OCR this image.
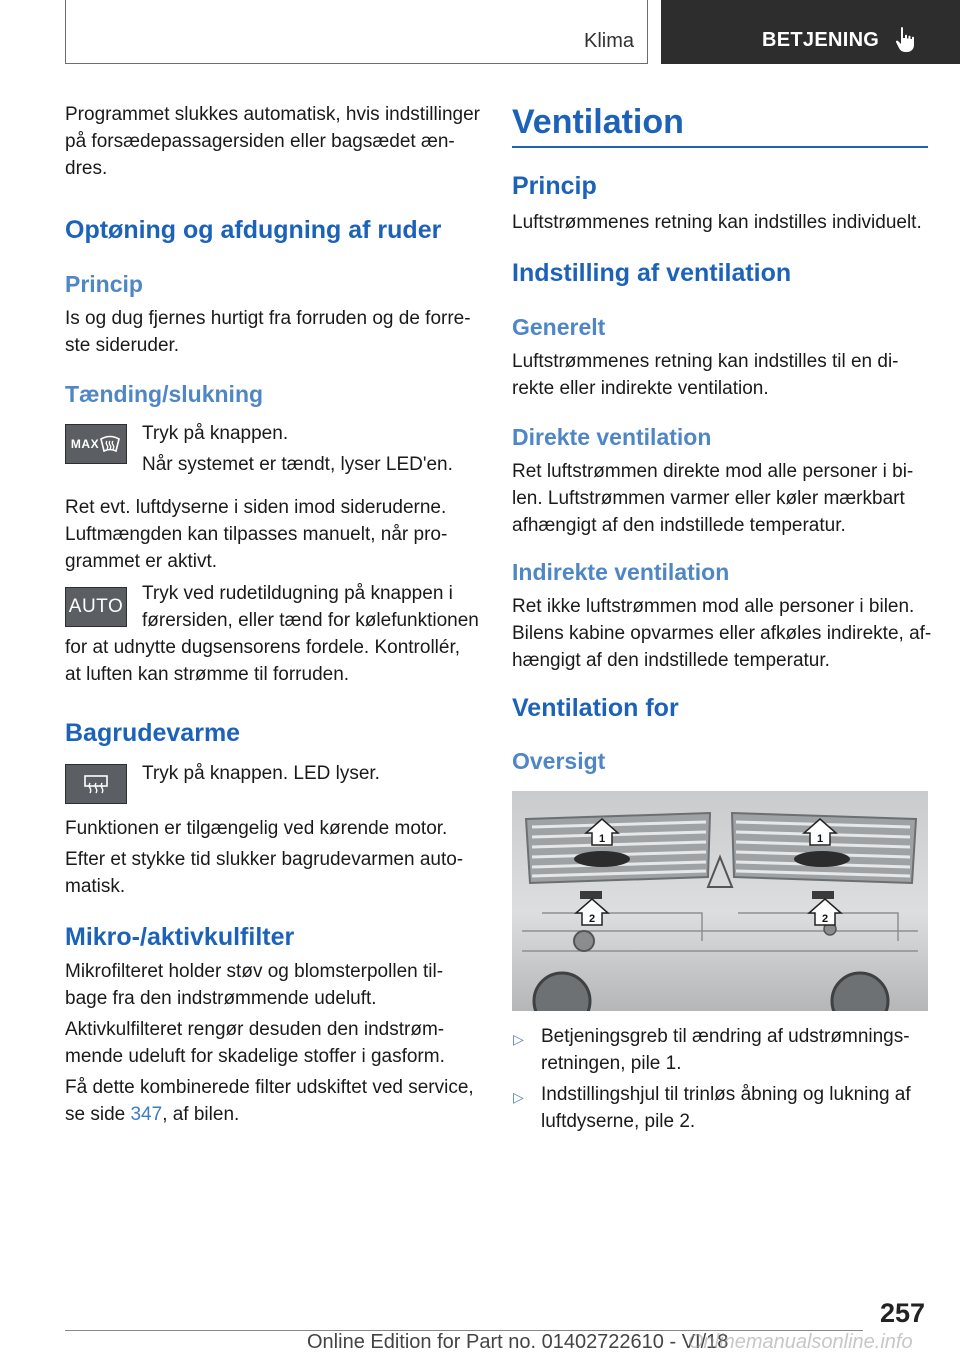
Klima	BETJENING
Programmet slukkes automatisk, hvis indstillinger
på forsædepassagersiden eller bagsædet æn-
dres.
Optøning og afdugning af ruder
Princip
Is og dug fjernes hurtigt fra forruden og de forre-
ste sideruder.
Tænding/slukning
MAX Tryk på knappen.
Når systemet er tændt, lyser LED'en.
Ret evt. luftdyserne i siden imod sideruderne.
Luftmængden kan tilpasses manuelt, når pro-
grammet er aktivt.
AUTO
Tryk ved rudetildugning på knappen i
førersiden, eller tænd for kølefunktionen
for at udnytte dugsensorens fordele. Kontrollér,
at luften kan strømme til forruden.
Bagrudevarme
Tryk på knappen. LED lyser.
Funktionen er tilgængelig ved kørende motor.
Efter et stykke tid slukker bagrudevarmen auto-
matisk.
Mikro-/aktivkulfilter
Mikrofilteret holder støv og blomsterpollen til-
bage fra den indstrømmende udeluft.
Aktivkulfilteret rengør desuden den indstrøm-
mende udeluft for skadelige stoffer i gasform.
Få dette kombinerede filter udskiftet ved service,
se side 347, af bilen.
Ventilation
Princip
Luftstrømmenes retning kan indstilles individuelt.
Indstilling af ventilation
Generelt
Luftstrømmenes retning kan indstilles til en di-
rekte eller indirekte ventilation.
Direkte ventilation
Ret luftstrømmen direkte mod alle personer i bi-
len. Luftstrømmen varmer eller køler mærkbart
afhængigt af den indstillede temperatur.
Indirekte ventilation
Ret ikke luftstrømmen mod alle personer i bilen.
Bilens kabine opvarmes eller afkøles indirekte, af-
hængigt af den indstillede temperatur.
Ventilation for
Oversigt
1	1
2	2
▷ Betjeningsgreb til ændring af udstrømnings-
retningen, pile 1.
▷ Indstillingshjul til trinløs åbning og lukning af
luftdyserne, pile 2.
257
Online Edition for Part no. 01402722610 - VI/18
Onlinemanualsonline.info
